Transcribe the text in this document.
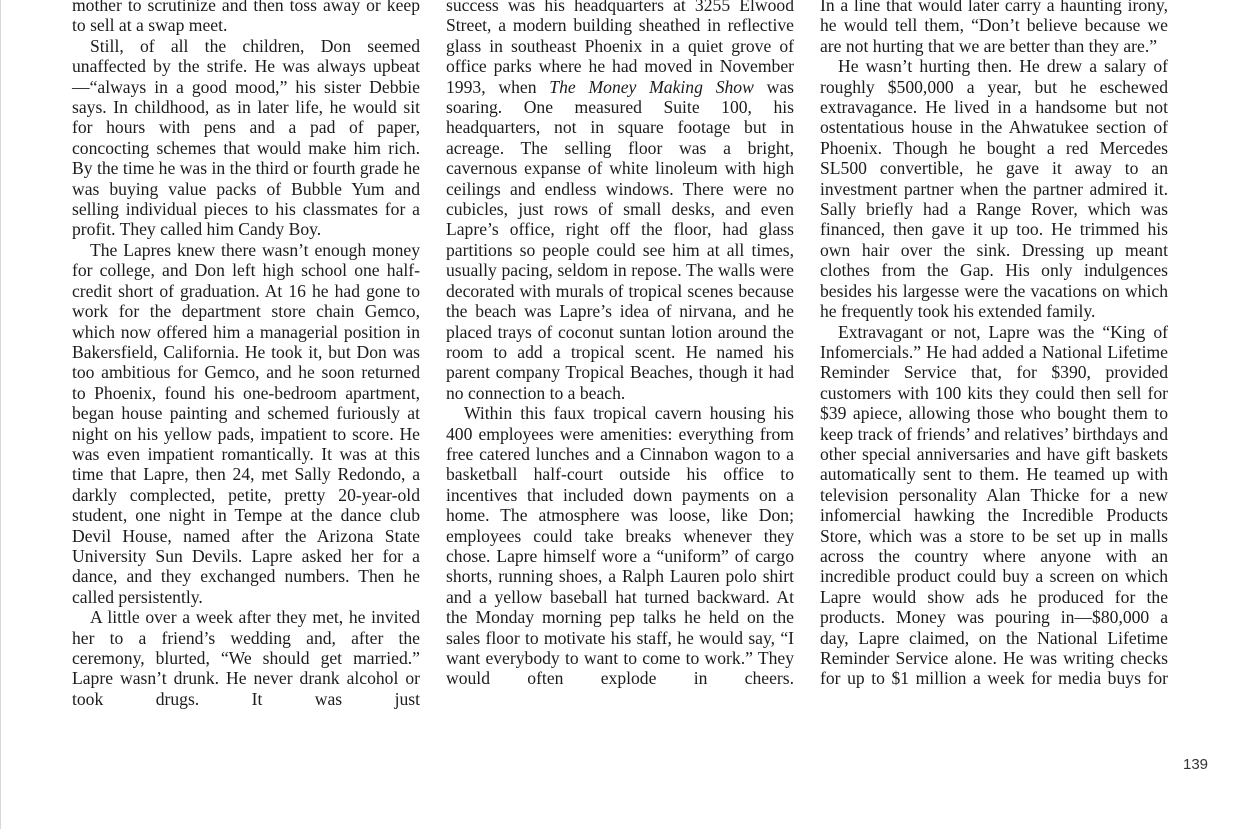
mother to scrutinize and then toss away or keep to sell at a swap meet.

Still, of all the children, Don seemed unaffected by the strife. He was always upbeat—“always in a good mood,” his sister Debbie says. In childhood, as in later life, he would sit for hours with pens and a pad of paper, concocting schemes that would make him rich. By the time he was in the third or fourth grade he was buying value packs of Bubble Yum and selling individual pieces to his classmates for a profit. They called him Candy Boy.

The Lapres knew there wasn’t enough money for college, and Don left high school one half-credit short of graduation. At 16 he had gone to work for the department store chain Gemco, which now offered him a managerial position in Bakersfield, California. He took it, but Don was too ambitious for Gemco, and he soon returned to Phoenix, found his one-bedroom apartment, began house painting and schemed furiously at night on his yellow pads, impatient to score. He was even impatient romantically. It was at this time that Lapre, then 24, met Sally Redondo, a darkly complected, petite, pretty 20-year-old student, one night in Tempe at the dance club Devil House, named after the Arizona State University Sun Devils. Lapre asked her for a dance, and they exchanged numbers. Then he called persistently.

A little over a week after they met, he invited her to a friend’s wedding and, after the ceremony, blurted, “We should get married.” Lapre wasn’t drunk. He never drank alcohol or took drugs. It was just

success was his headquarters at 3255 Elwood Street, a modern building sheathed in reflective glass in southeast Phoenix in a quiet grove of office parks where he had moved in November 1993, when The Money Making Show was soaring. One measured Suite 100, his headquarters, not in square footage but in acreage. The selling floor was a bright, cavernous expanse of white linoleum with high ceilings and endless windows. There were no cubicles, just rows of small desks, and even Lapre’s office, right off the floor, had glass partitions so people could see him at all times, usually pacing, seldom in repose. The walls were decorated with murals of tropical scenes because the beach was Lapre’s idea of nirvana, and he placed trays of coconut suntan lotion around the room to add a tropical scent. He named his parent company Tropical Beaches, though it had no connection to a beach.

Within this faux tropical cavern housing his 400 employees were amenities: everything from free catered lunches and a Cinnabon wagon to a basketball half-court outside his office to incentives that included down payments on a home. The atmosphere was loose, like Don; employees could take breaks whenever they chose. Lapre himself wore a “uniform” of cargo shorts, running shoes, a Ralph Lauren polo shirt and a yellow baseball hat turned backward. At the Monday morning pep talks he held on the sales floor to motivate his staff, he would say, “I want everybody to want to come to work.” They would often explode in cheers.

In a line that would later carry a haunting irony, he would tell them, “Don’t believe because we are not hurting that we are better than they are.”

He wasn’t hurting then. He drew a salary of roughly $500,000 a year, but he eschewed extravagance. He lived in a handsome but not ostentatious house in the Ahwatukee section of Phoenix. Though he bought a red Mercedes SL500 convertible, he gave it away to an investment partner when the partner admired it. Sally briefly had a Range Rover, which was financed, then gave it up too. He trimmed his own hair over the sink. Dressing up meant clothes from the Gap. His only indulgences besides his largesse were the vacations on which he frequently took his extended family.

Extravagant or not, Lapre was the “King of Infomercials.” He had added a National Lifetime Reminder Service that, for $390, provided customers with 100 kits they could then sell for $39 apiece, allowing those who bought them to keep track of friends’ and relatives’ birthdays and other special anniversaries and have gift baskets automatically sent to them. He teamed up with television personality Alan Thicke for a new infomercial hawking the Incredible Products Store, which was a store to be set up in malls across the country where anyone with an incredible product could buy a screen on which Lapre would show ads he produced for the products. Money was pouring in—$80,000 a day, Lapre claimed, on the National Lifetime Reminder Service alone. He was writing checks for up to $1 million a week for media buys for

139
